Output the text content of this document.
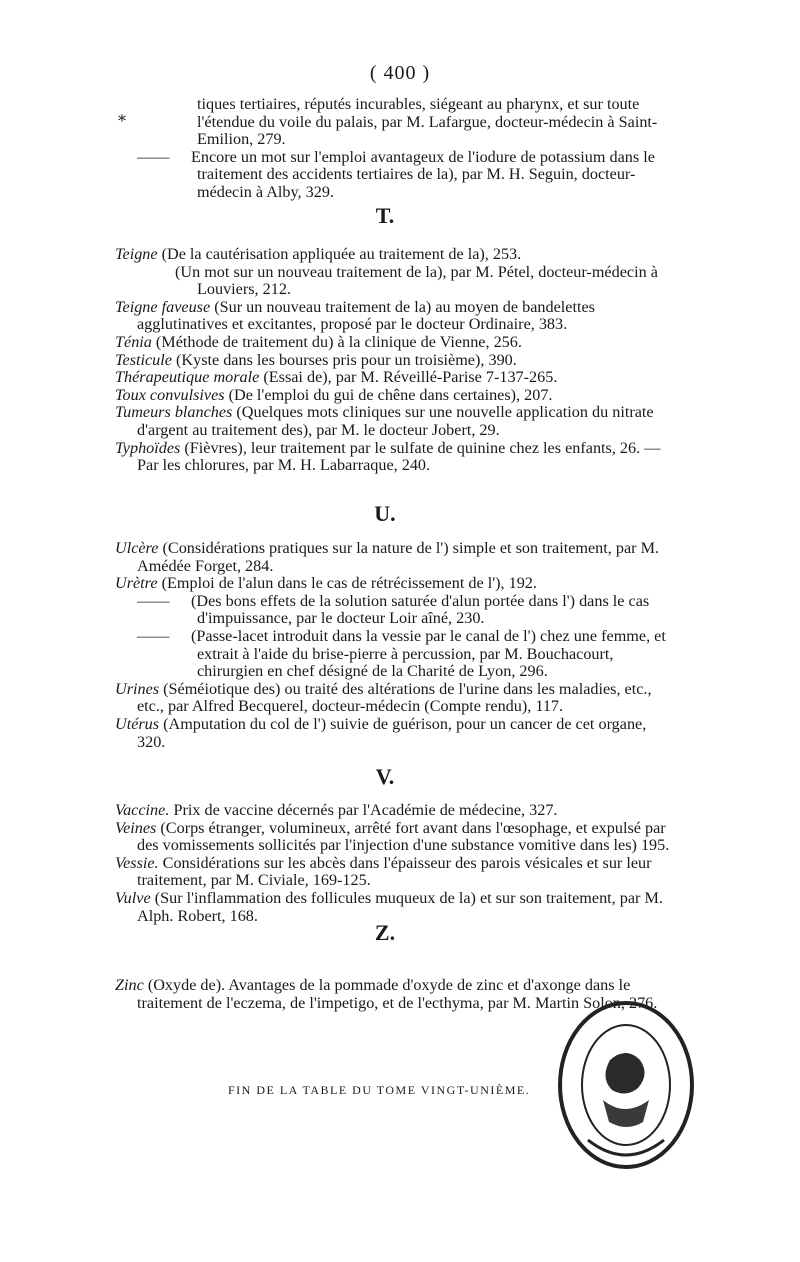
( 400 )
⁎

tiques tertiaires, réputés incurables, siégeant au pharynx, et sur toute l'étendue du voile du palais, par M. Lafargue, docteur-médecin à Saint-Emilion, 279.

—— Encore un mot sur l'emploi avantageux de l'iodure de potassium dans le traitement des accidents tertiaires de la), par M. H. Seguin, docteur-médecin à Alby, 329.

T.

Teigne (De la cautérisation appliquée au traitement de la), 253.

(Un mot sur un nouveau traitement de la), par M. Pétel, docteur-médecin à Louviers, 212.

Teigne faveuse (Sur un nouveau traitement de la) au moyen de bandelettes agglutinatives et excitantes, proposé par le docteur Ordinaire, 383.

Ténia (Méthode de traitement du) à la clinique de Vienne, 256.

Testicule (Kyste dans les bourses pris pour un troisième), 390.

Thérapeutique morale (Essai de), par M. Réveillé-Parise 7-137-265.

Toux convulsives (De l'emploi du gui de chêne dans certaines), 207.

Tumeurs blanches (Quelques mots cliniques sur une nouvelle application du nitrate d'argent au traitement des), par M. le docteur Jobert, 29.

Typhoïdes (Fièvres), leur traitement par le sulfate de quinine chez les enfants, 26. — Par les chlorures, par M. H. Labarraque, 240.

U.

Ulcère (Considérations pratiques sur la nature de l') simple et son traitement, par M. Amédée Forget, 284.

Urètre (Emploi de l'alun dans le cas de rétrécissement de l'), 192.

—— (Des bons effets de la solution saturée d'alun portée dans l') dans le cas d'impuissance, par le docteur Loir aîné, 230.

—— (Passe-lacet introduit dans la vessie par le canal de l') chez une femme, et extrait à l'aide du brise-pierre à percussion, par M. Bouchacourt, chirurgien en chef désigné de la Charité de Lyon, 296.

Urines (Séméiotique des) ou traité des altérations de l'urine dans les maladies, etc., etc., par Alfred Becquerel, docteur-médecin (Compte rendu), 117.

Utérus (Amputation du col de l') suivie de guérison, pour un cancer de cet organe, 320.

V.

Vaccine. Prix de vaccine décernés par l'Académie de médecine, 327.

Veines (Corps étranger, volumineux, arrêté fort avant dans l'œsophage, et expulsé par des vomissements sollicités par l'injection d'une substance vomitive dans les) 195.

Vessie. Considérations sur les abcès dans l'épaisseur des parois vésicales et sur leur traitement, par M. Civiale, 169-125.

Vulve (Sur l'inflammation des follicules muqueux de la) et sur son traitement, par M. Alph. Robert, 168.

Z.

Zinc (Oxyde de). Avantages de la pommade d'oxyde de zinc et d'axonge dans le traitement de l'eczema, de l'impetigo, et de l'ecthyma, par M. Martin Solon, 276.

FIN DE LA TABLE DU TOME VINGT-UNIÈME.
